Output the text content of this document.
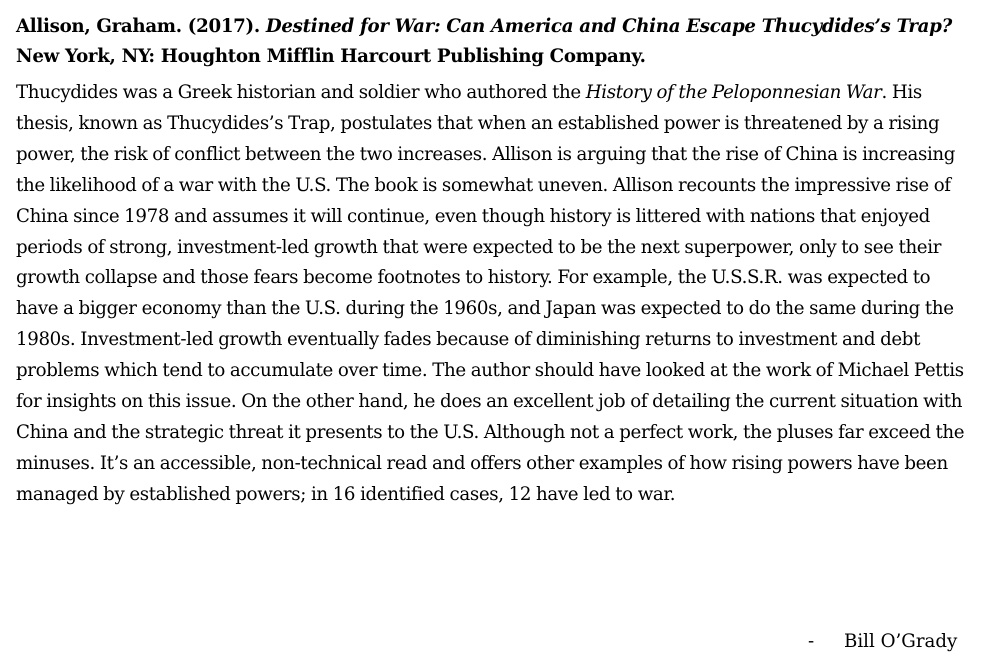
Allison, Graham. (2017). Destined for War: Can America and China Escape Thucydides’s Trap? New York, NY: Houghton Mifflin Harcourt Publishing Company.

Thucydides was a Greek historian and soldier who authored the History of the Peloponnesian War. His thesis, known as Thucydides’s Trap, postulates that when an established power is threatened by a rising power, the risk of conflict between the two increases. Allison is arguing that the rise of China is increasing the likelihood of a war with the U.S. The book is somewhat uneven. Allison recounts the impressive rise of China since 1978 and assumes it will continue, even though history is littered with nations that enjoyed periods of strong, investment-led growth that were expected to be the next superpower, only to see their growth collapse and those fears become footnotes to history. For example, the U.S.S.R. was expected to have a bigger economy than the U.S. during the 1960s, and Japan was expected to do the same during the 1980s. Investment-led growth eventually fades because of diminishing returns to investment and debt problems which tend to accumulate over time. The author should have looked at the work of Michael Pettis for insights on this issue. On the other hand, he does an excellent job of detailing the current situation with China and the strategic threat it presents to the U.S. Although not a perfect work, the pluses far exceed the minuses. It’s an accessible, non-technical read and offers other examples of how rising powers have been managed by established powers; in 16 identified cases, 12 have led to war.

- Bill O’Grady
